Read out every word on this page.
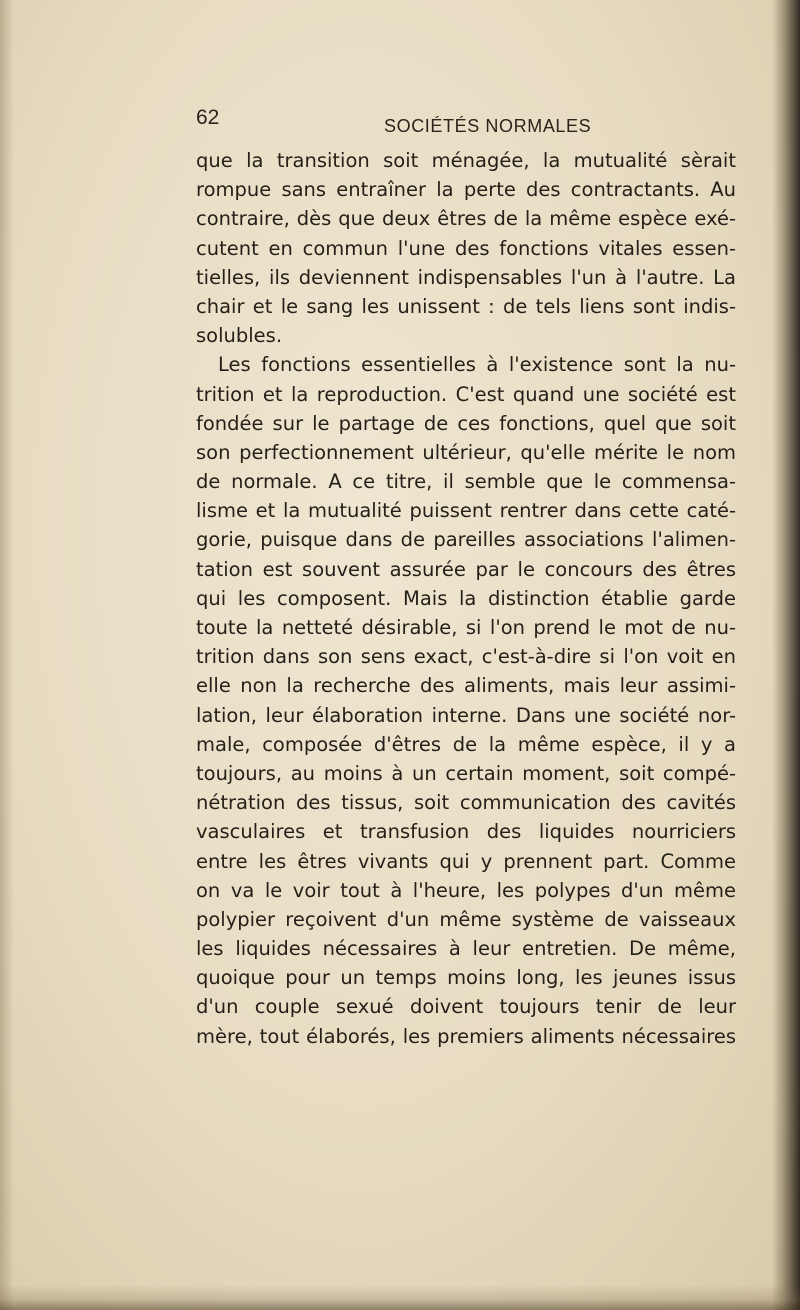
62	SOCIÉTÉS NORMALES
que la transition soit ménagée, la mutualité sèrait
rompue sans entraîner la perte des contractants. Au
contraire, dès que deux êtres de la même espèce exé-
cutent en commun l'une des fonctions vitales essen-
tielles, ils deviennent indispensables l'un à l'autre. La
chair et le sang les unissent : de tels liens sont indis-
solubles.
Les fonctions essentielles à l'existence sont la nu-
trition et la reproduction. C'est quand une société est
fondée sur le partage de ces fonctions, quel que soit
son perfectionnement ultérieur, qu'elle mérite le nom
de normale. A ce titre, il semble que le commensa-
lisme et la mutualité puissent rentrer dans cette caté-
gorie, puisque dans de pareilles associations l'alimen-
tation est souvent assurée par le concours des êtres
qui les composent. Mais la distinction établie garde
toute la netteté désirable, si l'on prend le mot de nu-
trition dans son sens exact, c'est-à-dire si l'on voit en
elle non la recherche des aliments, mais leur assimi-
lation, leur élaboration interne. Dans une société nor-
male, composée d'êtres de la même espèce, il y a
toujours, au moins à un certain moment, soit compé-
nétration des tissus, soit communication des cavités
vasculaires et transfusion des liquides nourriciers
entre les êtres vivants qui y prennent part. Comme
on va le voir tout à l'heure, les polypes d'un même
polypier reçoivent d'un même système de vaisseaux
les liquides nécessaires à leur entretien. De même,
quoique pour un temps moins long, les jeunes issus
d'un couple sexué doivent toujours tenir de leur
mère, tout élaborés, les premiers aliments nécessaires
